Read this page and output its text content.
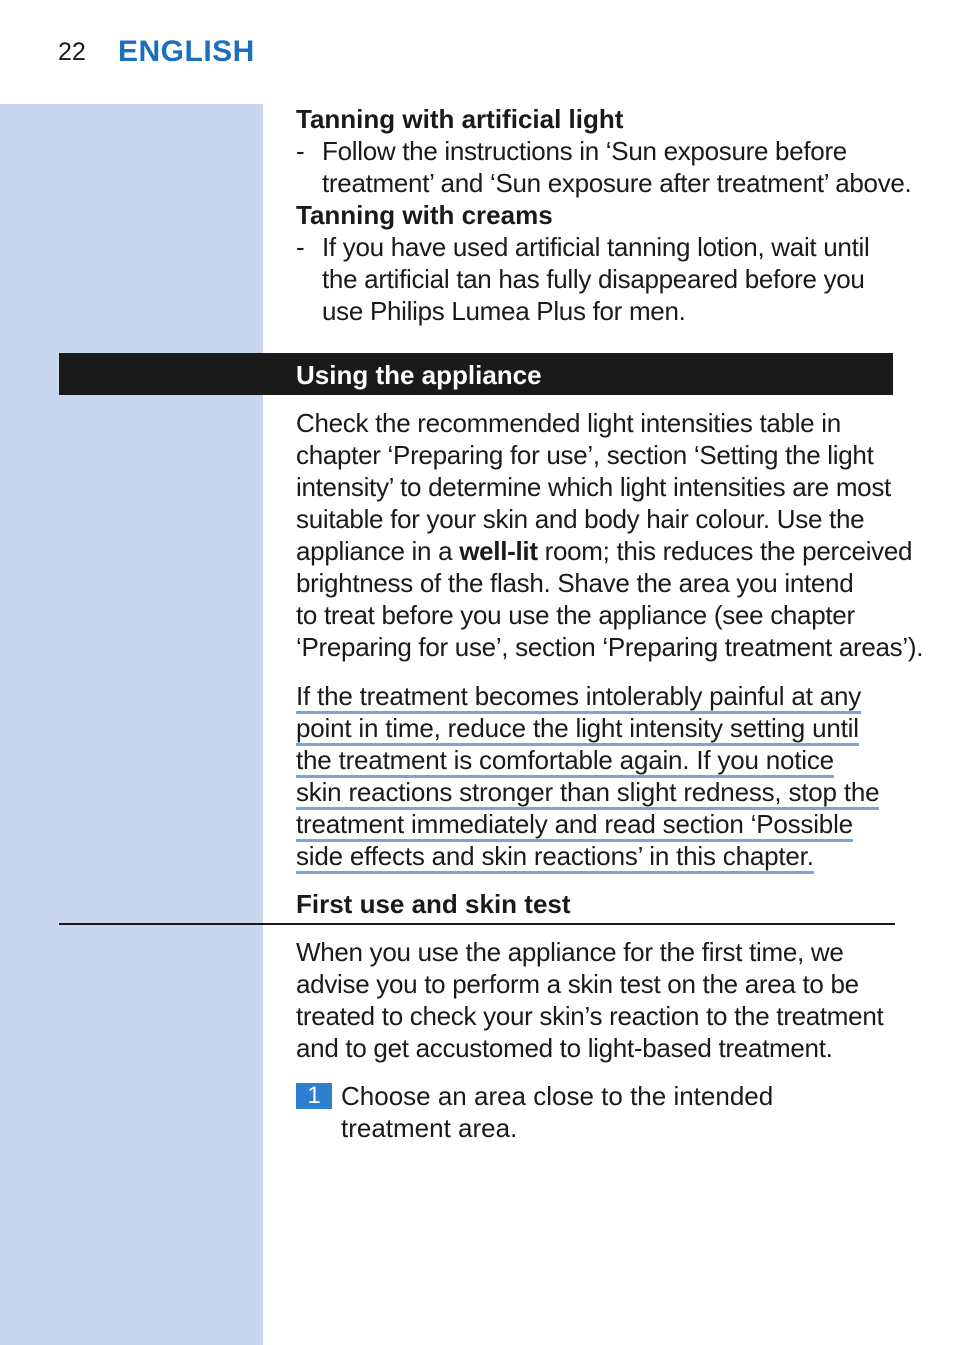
22 ENGLISH
Tanning with artificial light
- Follow the instructions in ‘Sun exposure before
treatment’ and ‘Sun exposure after treatment’ above.
Tanning with creams
- If you have used artificial tanning lotion, wait until
the artificial tan has fully disappeared before you
use Philips Lumea Plus for men.
Using the appliance
Check the recommended light intensities table in
chapter ‘Preparing for use’, section ‘Setting the light
intensity’ to determine which light intensities are most
suitable for your skin and body hair colour. Use the
appliance in a well-lit room; this reduces the perceived
brightness of the flash. Shave the area you intend
to treat before you use the appliance (see chapter
‘Preparing for use’, section ‘Preparing treatment areas’).
If the treatment becomes intolerably painful at any
point in time, reduce the light intensity setting until
the treatment is comfortable again. If you notice
skin reactions stronger than slight redness, stop the
treatment immediately and read section ‘Possible
side effects and skin reactions’ in this chapter.
First use and skin test
When you use the appliance for the first time, we
advise you to perform a skin test on the area to be
treated to check your skin’s reaction to the treatment
and to get accustomed to light-based treatment.
1 Choose an area close to the intended
treatment area.
